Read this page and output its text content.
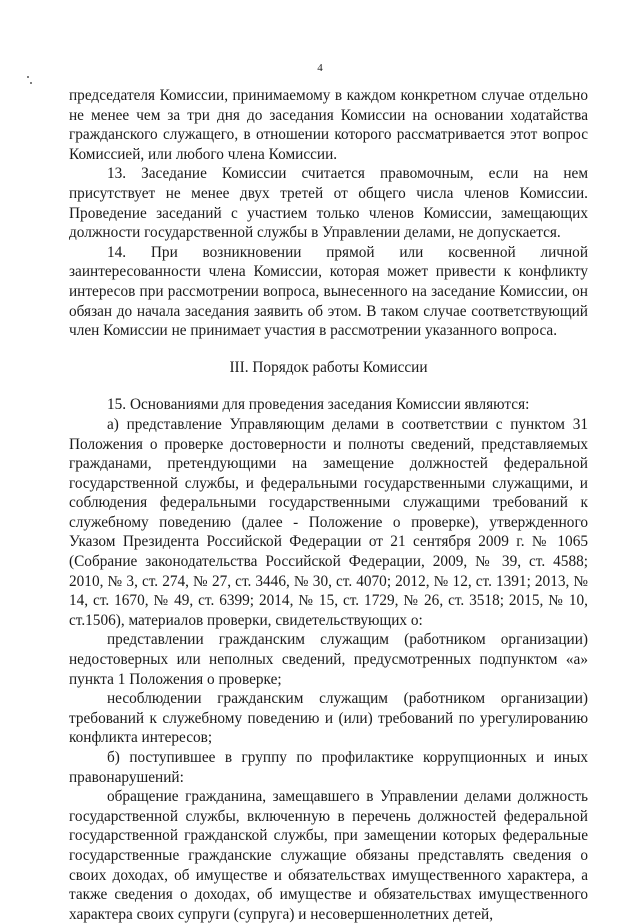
4

председателя Комиссии, принимаемому в каждом конкретном случае отдельно не менее чем за три дня до заседания Комиссии на основании ходатайства гражданского служащего, в отношении которого рассматривается этот вопрос Комиссией, или любого члена Комиссии.

13. Заседание Комиссии считается правомочным, если на нем присутствует не менее двух третей от общего числа членов Комиссии. Проведение заседаний с участием только членов Комиссии, замещающих должности государственной службы в Управлении делами, не допускается.

14. При возникновении прямой или косвенной личной заинтересованности члена Комиссии, которая может привести к конфликту интересов при рассмотрении вопроса, вынесенного на заседание Комиссии, он обязан до начала заседания заявить об этом. В таком случае соответствующий член Комиссии не принимает участия в рассмотрении указанного вопроса.

III. Порядок работы Комиссии

15. Основаниями для проведения заседания Комиссии являются:

а) представление Управляющим делами в соответствии с пунктом 31 Положения о проверке достоверности и полноты сведений, представляемых гражданами, претендующими на замещение должностей федеральной государственной службы, и федеральными государственными служащими, и соблюдения федеральными государственными служащими требований к служебному поведению (далее - Положение о проверке), утвержденного Указом Президента Российской Федерации от 21 сентября 2009 г. № 1065 (Собрание законодательства Российской Федерации, 2009, № 39, ст. 4588; 2010, № 3, ст. 274, № 27, ст. 3446, № 30, ст. 4070; 2012, № 12, ст. 1391; 2013, № 14, ст. 1670, № 49, ст. 6399; 2014, № 15, ст. 1729, № 26, ст. 3518; 2015, № 10, ст.1506), материалов проверки, свидетельствующих о:

представлении гражданским служащим (работником организации) недостоверных или неполных сведений, предусмотренных подпунктом «а» пункта 1 Положения о проверке;

несоблюдении гражданским служащим (работником организации) требований к служебному поведению и (или) требований по урегулированию конфликта интересов;

б) поступившее в группу по профилактике коррупционных и иных правонарушений:

обращение гражданина, замещавшего в Управлении делами должность государственной службы, включенную в перечень должностей федеральной государственной гражданской службы, при замещении которых федеральные государственные гражданские служащие обязаны представлять сведения о своих доходах, об имуществе и обязательствах имущественного характера, а также сведения о доходах, об имуществе и обязательствах имущественного характера своих супруги (супруга) и несовершеннолетних детей,
